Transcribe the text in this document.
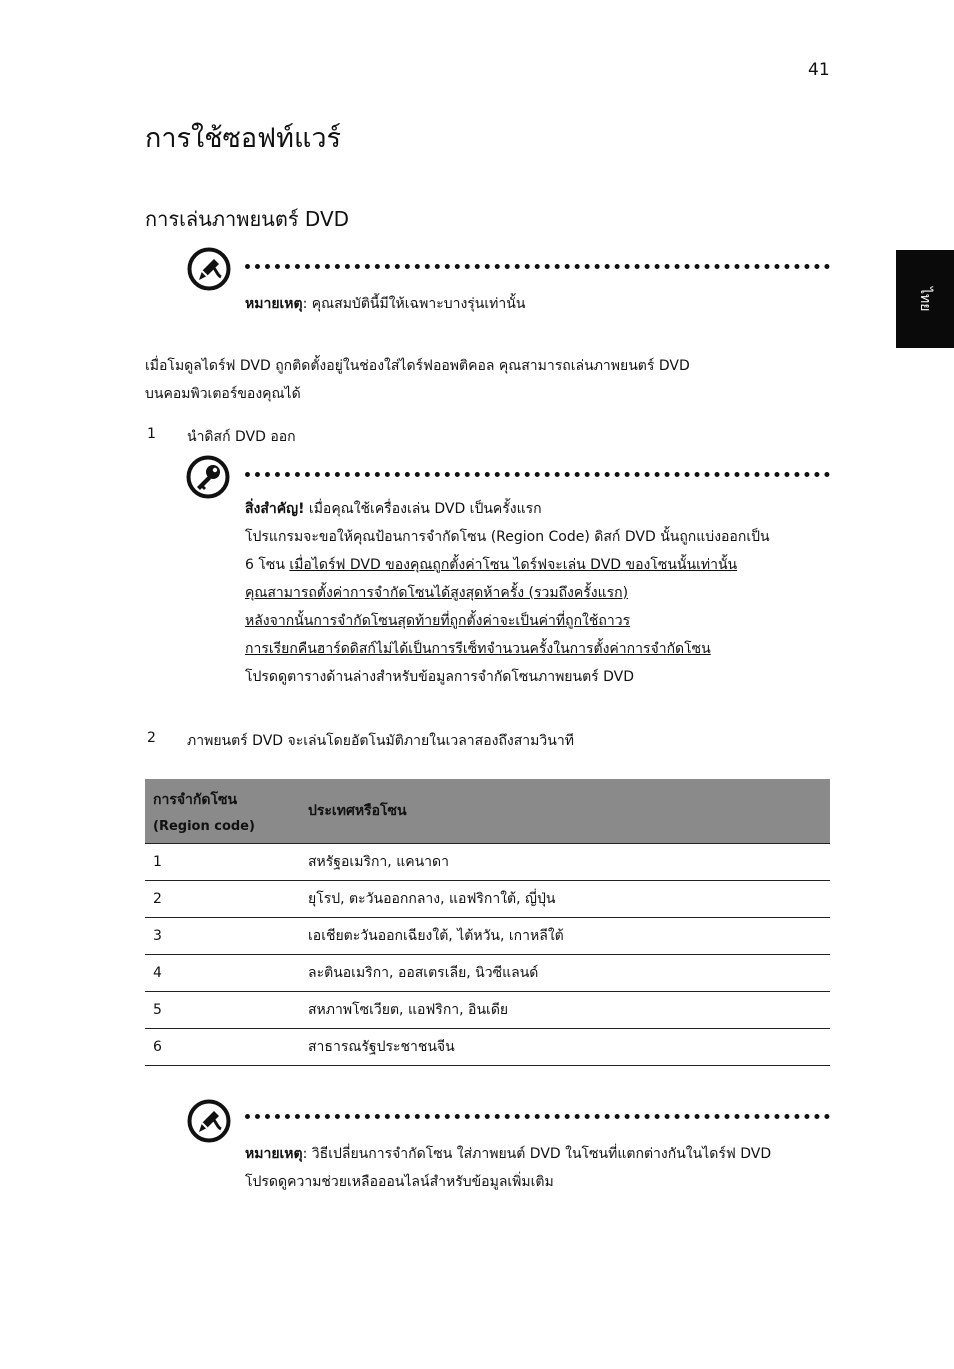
41
ไทย
การใช้ซอฟท์แวร์
การเล่นภาพยนตร์ DVD
หมายเหตุ: คุณสมบัตินี้มีให้เฉพาะบางรุ่นเท่านั้น
เมื่อโมดูลไดร์ฟ DVD ถูกติดตั้งอยู่ในช่องใส่ไดร์ฟออพติคอล คุณสามารถเล่นภาพยนตร์ DVD
บนคอมพิวเตอร์ของคุณได้
1 นำดิสก์ DVD ออก
สิ่งสำคัญ! เมื่อคุณใช้เครื่องเล่น DVD เป็นครั้งแรก
โปรแกรมจะขอให้คุณป้อนการจำกัดโซน (Region Code) ดิสก์ DVD นั้นถูกแบ่งออกเป็น
6 โซน เมื่อไดร์ฟ DVD ของคุณถูกตั้งค่าโซน ไดร์ฟจะเล่น DVD ของโซนนั้นเท่านั้น
คุณสามารถตั้งค่าการจำกัดโซนได้สูงสุดห้าครั้ง (รวมถึงครั้งแรก)
หลังจากนั้นการจำกัดโซนสุดท้ายที่ถูกตั้งค่าจะเป็นค่าที่ถูกใช้ถาวร
การเรียกคืนฮาร์ดดิสก์ไม่ได้เป็นการรีเซ็ทจำนวนครั้งในการตั้งค่าการจำกัดโซน
โปรดดูตารางด้านล่างสำหรับข้อมูลการจำกัดโซนภาพยนตร์ DVD
2 ภาพยนตร์ DVD จะเล่นโดยอัตโนมัติภายในเวลาสองถึงสามวินาที
การจำกัดโซน
(Region code)	ประเทศหรือโซน
1	สหรัฐอเมริกา, แคนาดา
2	ยุโรป, ตะวันออกกลาง, แอฟริกาใต้, ญี่ปุ่น
3	เอเชียตะวันออกเฉียงใต้, ไต้หวัน, เกาหลีใต้
4	ละตินอเมริกา, ออสเตรเลีย, นิวซีแลนด์
5	สหภาพโซเวียต, แอฟริกา, อินเดีย
6	สาธารณรัฐประชาชนจีน
หมายเหตุ: วิธีเปลี่ยนการจำกัดโซน ใส่ภาพยนต์ DVD ในโซนที่แตกต่างกันในไดร์ฟ DVD
โปรดดูความช่วยเหลือออนไลน์สำหรับข้อมูลเพิ่มเติม
